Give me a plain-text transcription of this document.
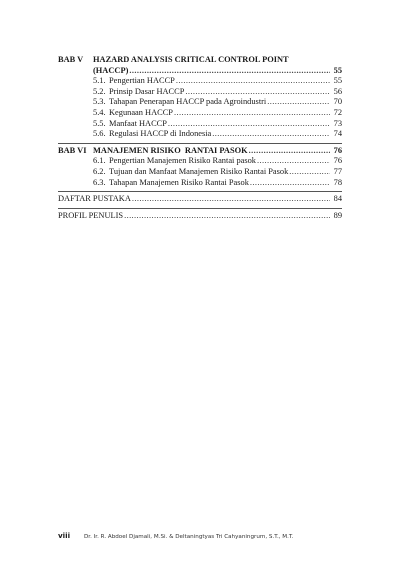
BAB V	HAZARD ANALYSIS CRITICAL CONTROL POINT
(HACCP) .....	55
5.1. Pengertian HACCP .....	55
5.2. Prinsip Dasar HACCP .....	56
5.3. Tahapan Penerapan HACCP pada Agroindustri .....	70
5.4. Kegunaan HACCP .....	72
5.5. Manfaat HACCP .....	73
5.6. Regulasi HACCP di Indonesia .....	74
BAB VI MANAJEMEN RISIKO  RANTAI PASOK .....	76
6.1. Pengertian Manajemen Risiko Rantai pasok .....	76
6.2. Tujuan dan Manfaat Manajemen Risiko Rantai Pasok .....	77
6.3. Tahapan Manajemen Risiko Rantai Pasok .....	78
DAFTAR PUSTAKA .....	84
PROFIL PENULIS .....	89
viii	Dr. Ir. R. Abdoel Djamali, M.Si. & Deltaningtyas Tri Cahyaningrum, S.T., M.T.
